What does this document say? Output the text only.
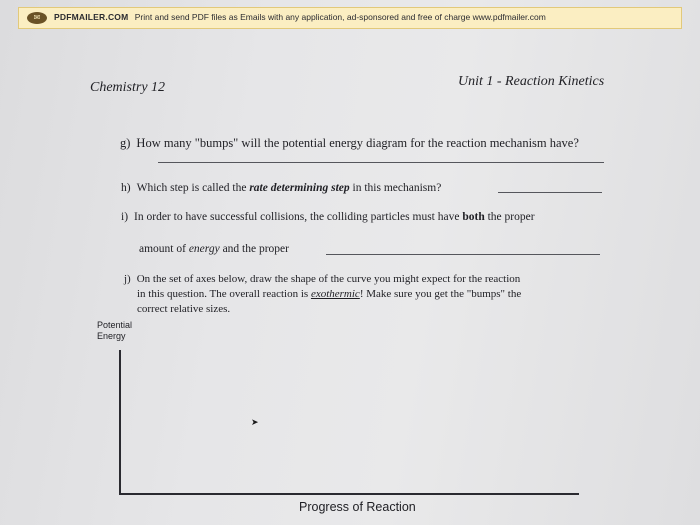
✉	PDFMAILER.COM Print and send PDF files as Emails with any application, ad-sponsored and free of charge www.pdfmailer.com
Chemistry 12	Unit 1 - Reaction Kinetics
g) How many "bumps" will the potential energy diagram for the reaction mechanism have?
h) Which step is called the rate determining step in this mechanism?
i) In order to have successful collisions, the colliding particles must have both the proper
amount of energy and the proper
j) On the set of axes below, draw the shape of the curve you might expect for the reaction
in this question. The overall reaction is exothermic! Make sure you get the "bumps" the
correct relative sizes.
Potential
Energy
➤
Progress of Reaction
